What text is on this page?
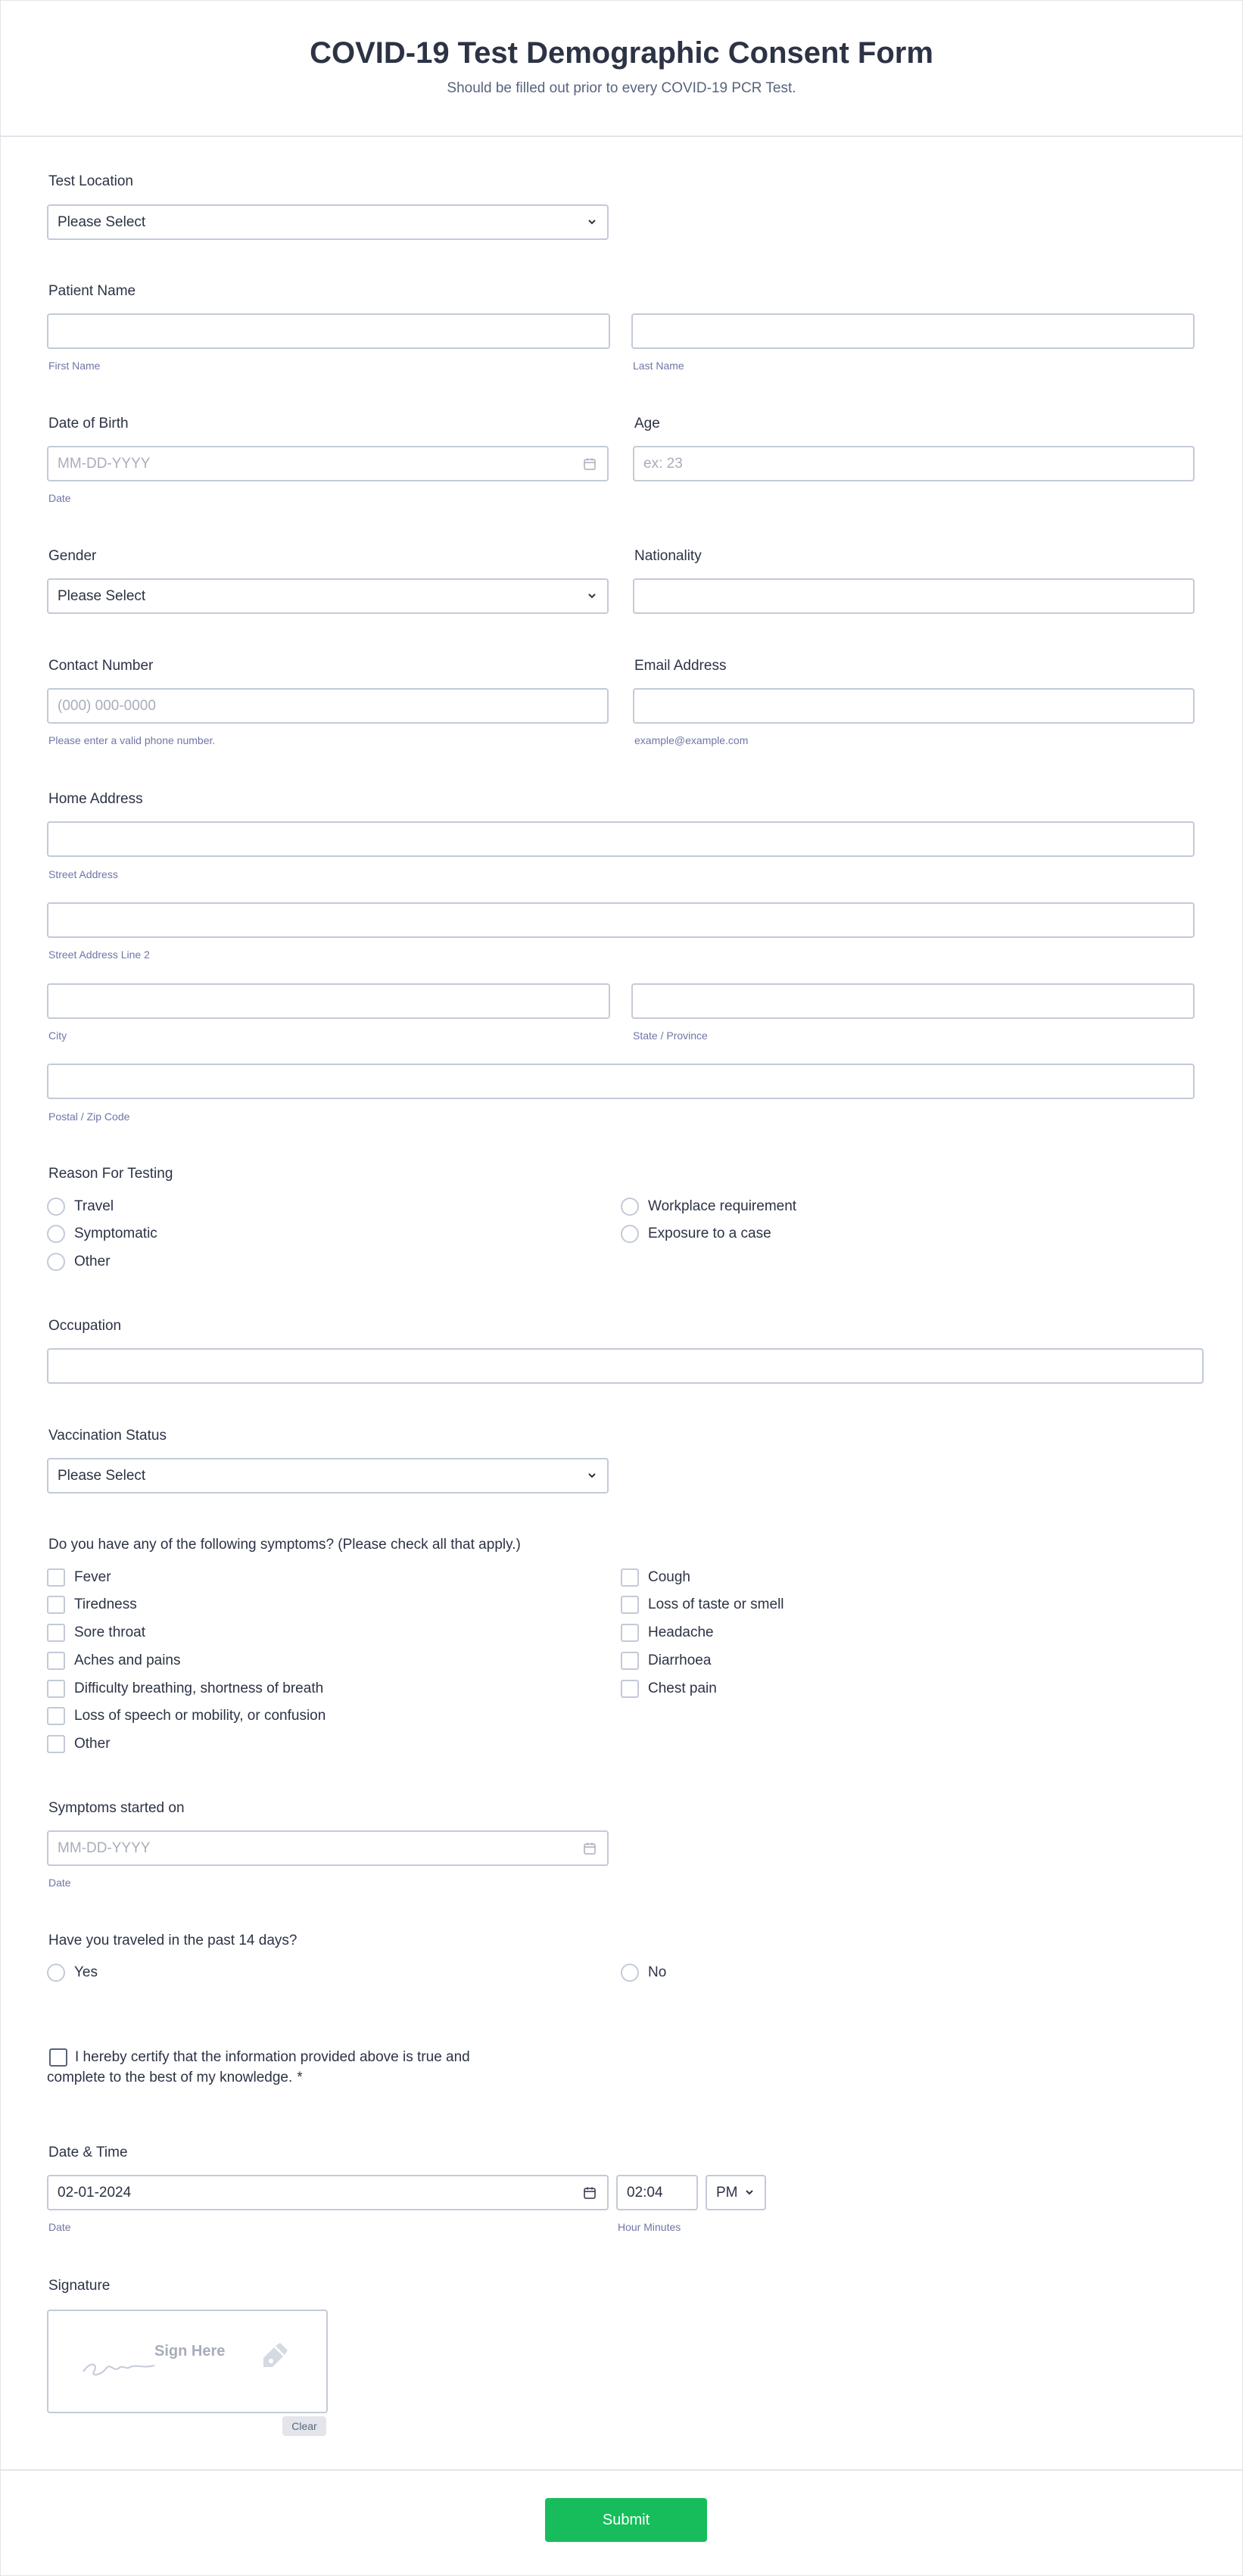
COVID-19 Test Demographic Consent Form
Should be filled out prior to every COVID-19 PCR Test.
Test Location
Please Select
Patient Name
First Name	Last Name
Date of Birth
MM-DD-YYYY
Date
Age
ex: 23
Gender
Please Select
Nationality
Contact Number
(000) 000-0000
Please enter a valid phone number.
Email Address
example@example.com
Home Address
Street Address
Street Address Line 2
City	State / Province
Postal / Zip Code
Reason For Testing
Travel
Symptomatic
Other
Workplace requirement
Exposure to a case
Occupation
Vaccination Status
Please Select
Do you have any of the following symptoms? (Please check all that apply.)
Fever
Tiredness
Sore throat
Aches and pains
Difficulty breathing, shortness of breath
Loss of speech or mobility, or confusion
Other
Cough
Loss of taste or smell
Headache
Diarrhoea
Chest pain
Symptoms started on
MM-DD-YYYY
Date
Have you traveled in the past 14 days?
Yes	No
I hereby certify that the information provided above is true and
complete to the best of my knowledge. *
Date & Time
02-01-2024
Date
02:04
Hour Minutes
PM
Signature
Sign Here
Clear
Submit
